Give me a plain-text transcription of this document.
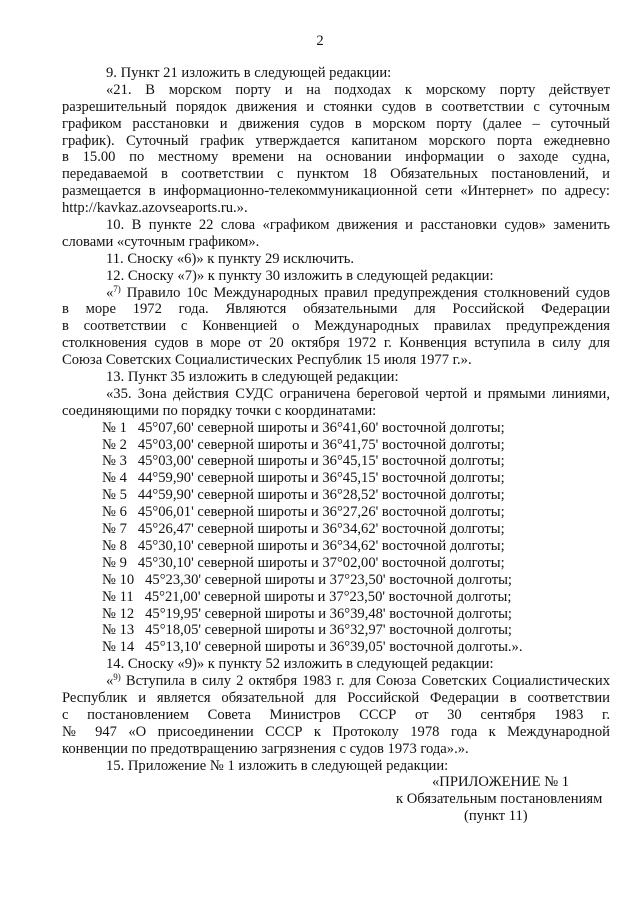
2
9. Пункт 21 изложить в следующей редакции:
«21. В морском порту и на подходах к морскому порту действует
разрешительный порядок движения и стоянки судов в соответствии с суточным
графиком расстановки и движения судов в морском порту (далее – суточный
график). Суточный график утверждается капитаном морского порта ежедневно
в 15.00 по местному времени на основании информации о заходе судна,
передаваемой в соответствии с пунктом 18 Обязательных постановлений, и
размещается в информационно-телекоммуникационной сети «Интернет» по адресу:
http://kavkaz.azovseaports.ru.».
10. В пункте 22 слова «графиком движения и расстановки судов» заменить
словами «суточным графиком».
11. Сноску «6)» к пункту 29 исключить.
12. Сноску «7)» к пункту 30 изложить в следующей редакции:
«$^{7)}$ Правило 10с Международных правил предупреждения столкновений судов
в море 1972 года. Являются обязательными для Российской Федерации
в соответствии с Конвенцией о Международных правилах предупреждения
столкновения судов в море от 20 октября 1972 г. Конвенция вступила в силу для
Союза Советских Социалистических Республик 15 июля 1977 г.».
13. Пункт 35 изложить в следующей редакции:
«35. Зона действия СУДС ограничена береговой чертой и прямыми линиями,
соединяющими по порядку точки с координатами:
№ 1   45°07,60' северной широты и 36°41,60' восточной долготы;
№ 2   45°03,00' северной широты и 36°41,75' восточной долготы;
№ 3   45°03,00' северной широты и 36°45,15' восточной долготы;
№ 4   44°59,90' северной широты и 36°45,15' восточной долготы;
№ 5   44°59,90' северной широты и 36°28,52' восточной долготы;
№ 6   45°06,01' северной широты и 36°27,26' восточной долготы;
№ 7   45°26,47' северной широты и 36°34,62' восточной долготы;
№ 8   45°30,10' северной широты и 36°34,62' восточной долготы;
№ 9   45°30,10' северной широты и 37°02,00' восточной долготы;
№ 10   45°23,30' северной широты и 37°23,50' восточной долготы;
№ 11   45°21,00' северной широты и 37°23,50' восточной долготы;
№ 12   45°19,95' северной широты и 36°39,48' восточной долготы;
№ 13   45°18,05' северной широты и 36°32,97' восточной долготы;
№ 14   45°13,10' северной широты и 36°39,05' восточной долготы.».
14. Сноску «9)» к пункту 52 изложить в следующей редакции:
«$^{9)}$ Вступила в силу 2 октября 1983 г. для Союза Советских Социалистических
Республик и является обязательной для Российской Федерации в соответствии
с постановлением Совета Министров СССР от 30 сентября 1983 г.
№ 947 «О присоединении СССР к Протоколу 1978 года к Международной
конвенции по предотвращению загрязнения с судов 1973 года».».
15. Приложение № 1 изложить в следующей редакции:
«ПРИЛОЖЕНИЕ № 1
к Обязательным постановлениям
(пункт 11)
